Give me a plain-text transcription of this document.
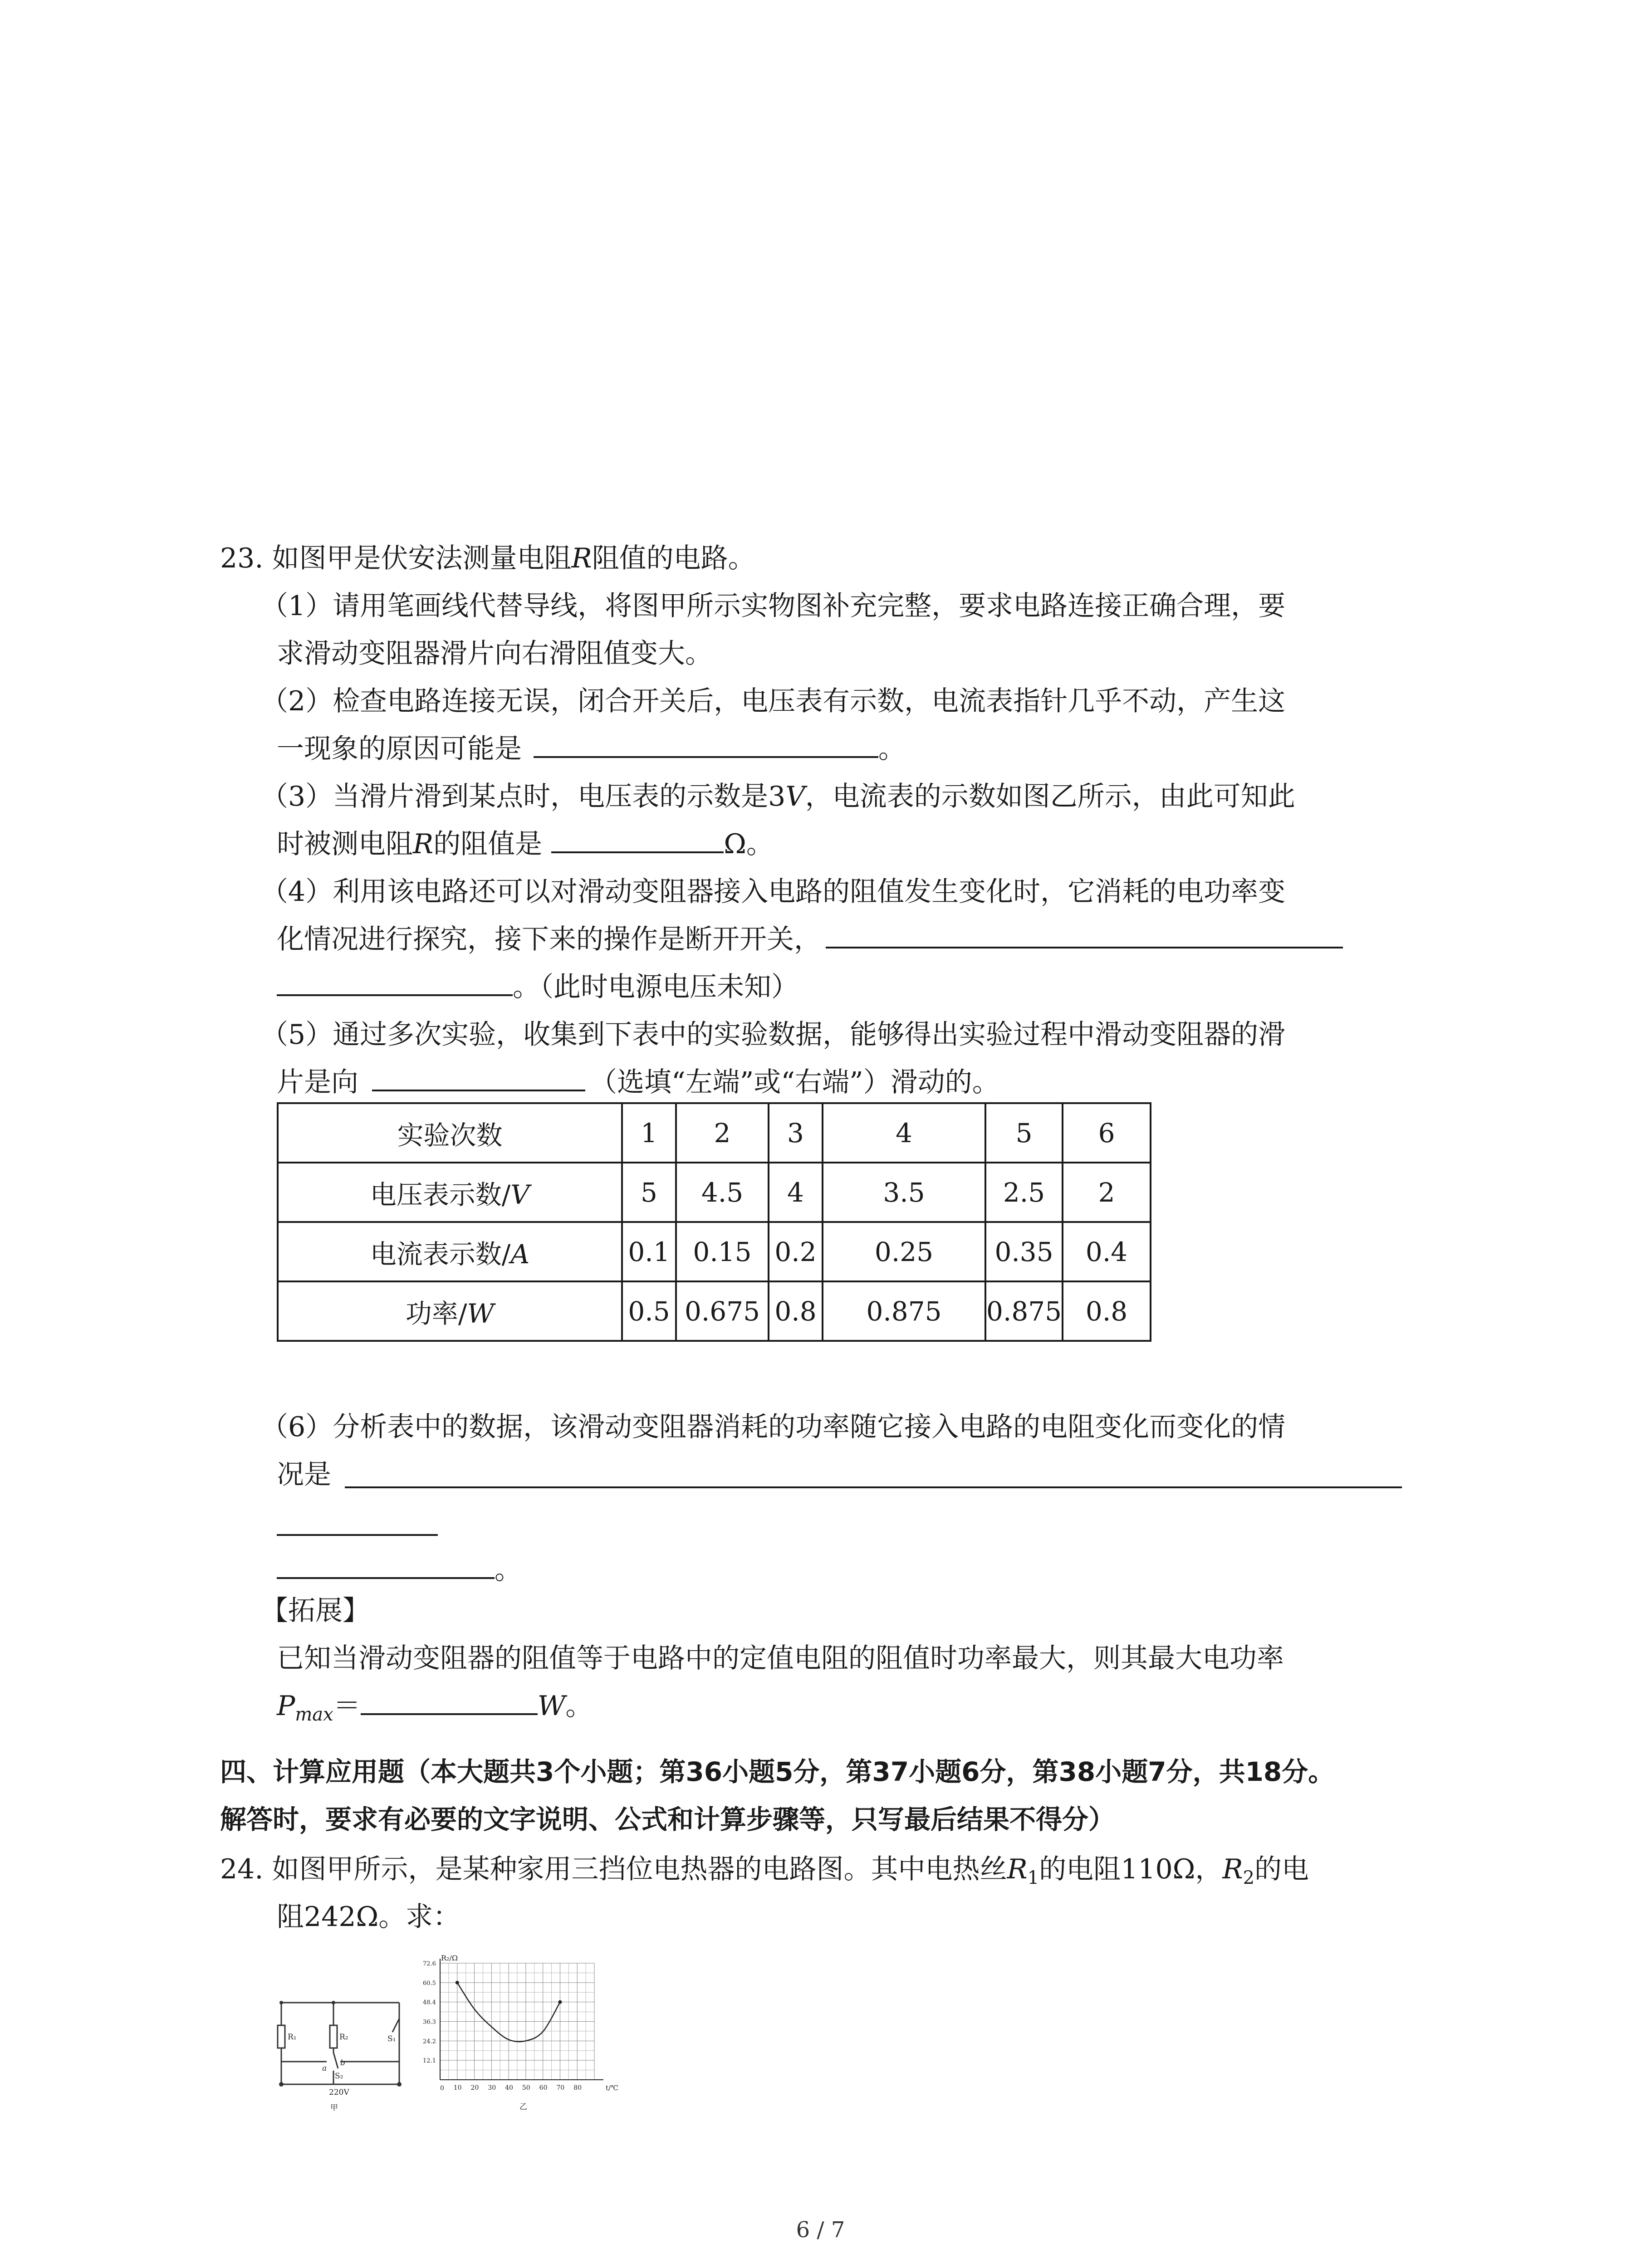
23. 如图甲是伏安法测量电阻R阻值的电路。
（1）请用笔画线代替导线，将图甲所示实物图补充完整，要求电路连接正确合理，要
求滑动变阻器滑片向右滑阻值变大。
（2）检查电路连接无误，闭合开关后，电压表有示数，电流表指针几乎不动，产生这
一现象的原因可能是	。
（3）当滑片滑到某点时，电压表的示数是3V，电流表的示数如图乙所示，由此可知此
时被测电阻R的阻值是	Ω。
（4）利用该电路还可以对滑动变阻器接入电路的阻值发生变化时，它消耗的电功率变
化情况进行探究，接下来的操作是断开开关，
。（此时电源电压未知）
（5）通过多次实验，收集到下表中的实验数据，能够得出实验过程中滑动变阻器的滑
片是向	（选填“左端”或“右端”）滑动的。
实验次数	1	2	3	4	5	6
电压表示数/V	5	4.5	4	3.5	2.5	2
电流表示数/A	0.1	0.15	0.2	0.25	0.35	0.4
功率/W	0.5	0.675	0.8	0.875	0.875	0.8
（6）分析表中的数据，该滑动变阻器消耗的功率随它接入电路的电阻变化而变化的情
况是
。
【拓展】
已知当滑动变阻器的阻值等于电路中的定值电阻的阻值时功率最大，则其最大电功率
$P_{max}=$	W。
四、计算应用题（本大题共3个小题；第36小题5分，第37小题6分，第38小题7分，共18分。
解答时，要求有必要的文字说明、公式和计算步骤等，只写最后结果不得分）
24. 如图甲所示，是某种家用三挡位电热器的电路图。其中电热丝$R_1$的电阻110Ω，$R_2$的电
阻242Ω。求：
R₁	R₂	S₁
S₂
a
b
220V
甲
R₂/Ω
0	t/℃
乙
10 20 30 40 50 60 70 80
12.1
24.2
36.3
48.4
60.5
72.6
6 / 7
